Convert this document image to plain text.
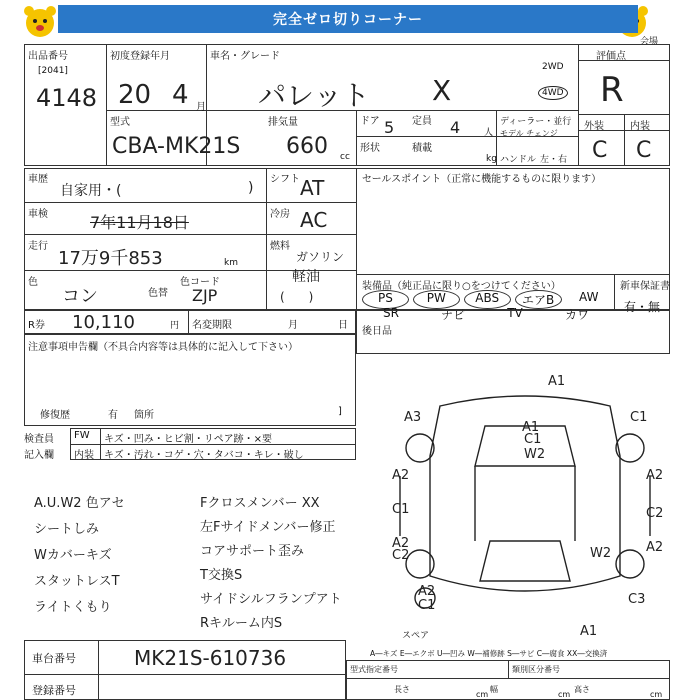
完全ゼロ切りコーナー
会場
出品番号
[2041]
4148
初度登録年月
20 4 月
車名・グレード
パレット X
2WD
4WD
評価点
R
外装	内装
C C
型式
CBA-MK21S
排気量
660 cc
ドア 5 定員 4	人
ディーラー・並行
モデル チェンジ
形状	積載
kg ハンドル 左・右
車歴
自家用・(	)
シフト AT	セールスポイント（正常に機能するものに限ります）
車検	7年11月18日	冷房 AC
走行
17万9千853	km
燃料
ガソリン
軽油
(　　)
色
コン	色替
色コード
ZJP	装備品（純正品に限り○をつけてください）	新車保証書
有・無
PS	PW	ABS	エアB	AW
SR	ナビ	TV	カワ
R券 10,110	円 名変期限	月	日
後日品
注意事項申告欄（不具合内容等は具体的に記入して下さい）
修復歴	有 箇所	]
検査員
記入欄
FW キズ・凹み・ヒビ割・リペア跡・×要
内装 キズ・汚れ・コゲ・穴・タバコ・キレ・破し
A.U.W2 色アセ
シートしみ
Wカバーキズ
スタットレスT
ライトくもり
Fクロスメンバー XX
左Fサイドメンバー修正
コアサポート歪み
T交換S
サイドシルフランプアト
Rキルーム内S
A1
A3	C1
A1
C1 W2
A2	A2
C1	C2
A2
C2	W2	A2
C1	C3
A2
A1
スペア
A―キズ E―エクボ U―凹み W―補修跡 S―サビ C―腐食 XX―交換済
車台番号	MK21S-610736
登録番号
型式指定番号	類別区分番号
長さ
cm
幅
cm
高さ
cm
